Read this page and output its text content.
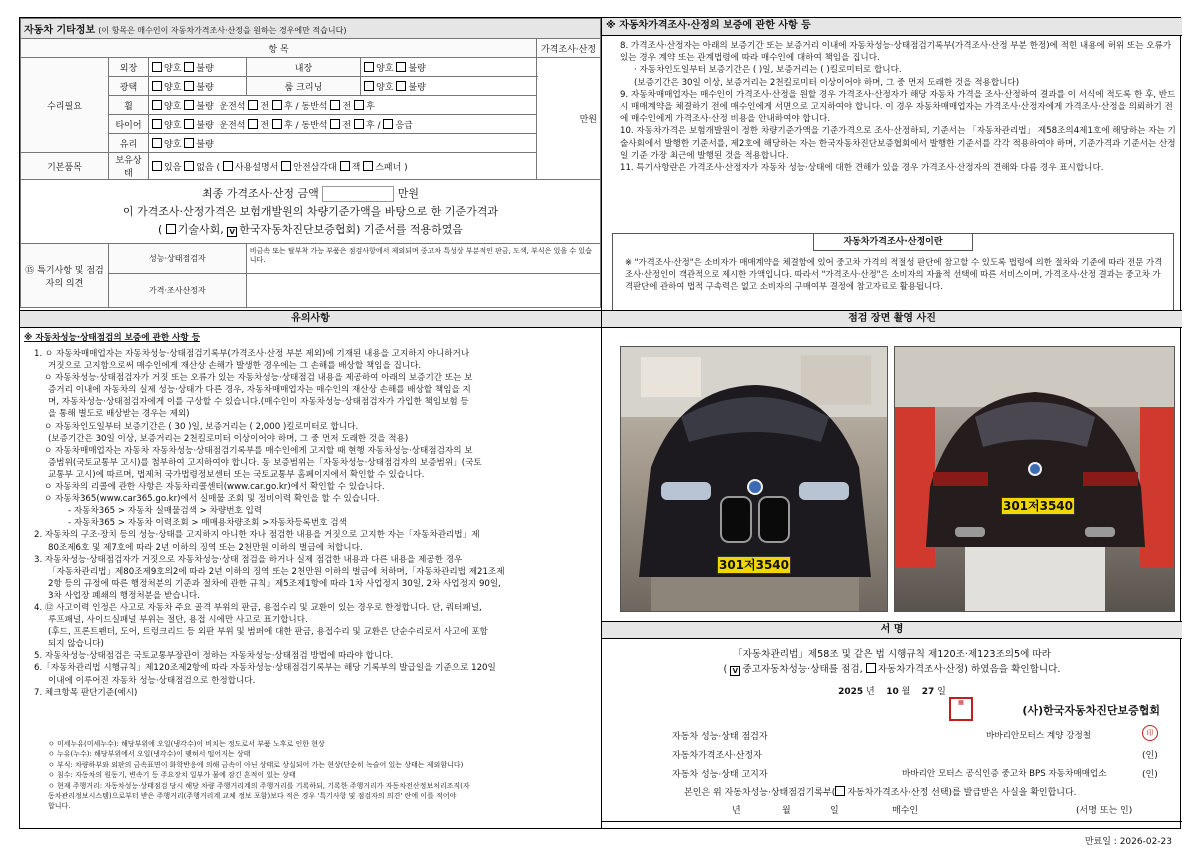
자동차 기타정보 (이 항목은 매수인이 자동차가격조사·산정을 원하는 경우에만 적습니다)					
항 목					가격조사·산정
수리필요	외장	양호 불량	내장	양호 불량	만원
	광택	양호 불량	룸 크리닝	양호 불량	
	휠	양호 불량 운전석 전 후 / 동반석 전 후			
	타이어	양호 불량 운전석 전 후 / 동반석 전 후 / 응급			
	유리	양호 불량			
기본품목	보유상태	있음 없음 ( 사용설명서 안전삼각대 잭 스패너 )			

최종 가격조사·산정 금액 만원
이 가격조사·산정가격은 보험개발원의 차량기준가액을 바탕으로 한 기준가격과
( 기술사회, V 한국자동차진단보증협회) 기준서를 적용하였음

⑮ 특기사항 및 점검자의 의견	성능·상태점검자		비금속 또는 탈부착 가능 부품은 점검사항에서 제외되며 중고차 특성상 부분적인 판금, 도색, 부식은 있을 수 있습니다.		
	가격·조사산정자				
※ 자동차가격조사·산정의 보증에 관한 사항 등
8. 가격조사·산정자는 아래의 보증기간 또는 보증거리 이내에 자동차성능·상태점검기록부(가격조사·산정 부분 한정)에 적힌 내용에 허위 또는 오류가 있는 경우 계약 또는 관계법령에 따라 매수인에 대하여 책임을 집니다.
· 자동차인도일부터 보증기간은 ( )일, 보증거리는 ( )킬로미터로 합니다.
(보증기간은 30일 이상, 보증거리는 2천킬로미터 이상이어야 하며, 그 중 먼저 도래한 것을 적용합니다)
9. 자동차매매업자는 매수인이 가격조사·산정을 원할 경우 가격조사·산정자가 해당 자동차 가격을 조사·산정하여 결과를 이 서식에 적도록 한 후, 반드시 매매계약을 체결하기 전에 매수인에게 서면으로 고지하여야 합니다. 이 경우 자동차매매업자는 가격조사·산정자에게 가격조사·산정을 의뢰하기 전에 매수인에게 가격조사·산정 비용을 안내하여야 합니다.
10. 자동차가격은 보험개발원이 정한 차량기준가액을 기준가격으로 조사·산정하되, 기준서는 「자동차관리법」 제58조의4제1호에 해당하는 자는 기술사회에서 발행한 기준서를, 제2호에 해당하는 자는 한국자동차진단보증협회에서 발행한 기준서를 각각 적용하여야 하며, 기준가격과 기준서는 산정일 기준 가장 최근에 발행된 것을 적용합니다.
11. 특기사항란은 가격조사·산정자가 자동차 성능·상태에 대한 견해가 있을 경우 가격조사·산정자의 견해와 다름 경우 표시합니다.
자동차가격조사·산정이란
※ "가격조사·산정"은 소비자가 매매계약을 체결함에 있어 중고차 가격의 적절성 판단에 참고할 수 있도록 법령에 의한 절차와 기준에 따라 전문 가격조사·산정인이 객관적으로 제시한 가액입니다. 따라서 "가격조사·산정"은 소비자의 자율적 선택에 따른 서비스이며, 가격조사·산정 결과는 중고차 가격판단에 관하여 법적 구속력은 없고 소비자의 구매여부 결정에 참고자료로 활용됩니다.
유의사항
※ 자동차성능·상태점검의 보증에 관한 사항 등
1. ㅇ 자동차매매업자는 자동차성능·상태점검기록부(가격조사·산정 부분 제외)에 기재된 내용을 고지하지 아니하거나
거짓으로 고지함으로써 매수인에게 재산상 손해가 발생한 경우에는 그 손해를 배상할 책임을 집니다.
ㅇ 자동차성능·상태점검자가 거짓 또는 오류가 있는 자동차성능·상태점검 내용을 제공하여 아래의 보증기간 또는 보
증거리 이내에 자동차의 실제 성능·상태가 다른 경우, 자동차매매업자는 매수인의 재산상 손해를 배상할 책임을 지
며, 자동차성능·상태점검자에게 이를 구상할 수 있습니다.(매수인이 자동차성능·상태점검자가 가입한 책임보험 등
을 통해 별도로 배상받는 경우는 제외)
ㅇ 자동차인도일부터 보증기간은 ( 30 )일, 보증거리는 ( 2,000 )킬로미터로 합니다.
(보증기간은 30일 이상, 보증거리는 2천킬로미터 이상이어야 하며, 그 중 먼저 도래한 것을 적용)
ㅇ 자동차매매업자는 자동차 자동차성능·상태점검기록부를 매수인에게 고지할 때 현행 자동차성능·상태점검자의 보
증범위(국토교통부 고시)를 첨부하여 고지하여야 합니다. 동 보증범위는「자동차성능·상태점검자의 보증범위」(국토
교통부 고시)에 따르며, 법제처 국가법령정보센터 또는 국토교통부 홈페이지에서 확인할 수 있습니다.
ㅇ 자동차의 리콜에 관한 사항은 자동차리콜센터(www.car.go.kr)에서 확인할 수 있습니다.
ㅇ 자동차365(www.car365.go.kr)에서 실매물 조회 및 정비이력 확인을 할 수 있습니다.
- 자동차365 > 자동차 실매물검색 > 차량번호 입력
- 자동차365 > 자동차 이력조회 > 매매용차량조회 >자동차등록번호 검색
2. 자동차의 구조·장치 등의 성능·상태를 고지하지 아니한 자나 점검한 내용을 거짓으로 고지한 자는「자동차관리법」제
80조제6호 및 제7호에 따라 2년 이하의 징역 또는 2천만원 이하의 벌금에 처합니다.
3. 자동차성능·상태점검자가 거짓으로 자동차성능·상태 점검을 하거나 실제 점검한 내용과 다른 내용을 제공한 경우
「자동차관리법」제80조제9호의2에 따라 2년 이하의 징역 또는 2천만원 이하의 벌금에 처하며,「자동차관리법 제21조제
2항 등의 규정에 따른 행정처분의 기준과 절차에 관한 규칙」제5조제1항에 따라 1차 사업정지 30일, 2차 사업정지 90일,
3차 사업장 폐쇄의 행정처분을 받습니다.
4. ⑫ 사고이력 인정은 사고로 자동차 주요 골격 부위의 판금, 용접수리 및 교환이 있는 경우로 한정합니다. 단, 쿼터패널,
루프패널, 사이드실패널 부위는 절단, 용접 시에만 사고로 표기합니다.
(후드, 프론트펜더, 도어, 트렁크리드 등 외판 부위 및 범퍼에 대한 판금, 용접수리 및 교환은 단순수리로서 사고에 포함
되지 않습니다)
5. 자동차성능·상태점검은 국토교통부장관이 정하는 자동차성능·상태점검 방법에 따라야 합니다.
6.「자동차관리법 시행규칙」제120조제2항에 따라 자동차성능·상태점검기록부는 해당 기록부의 발급일을 기준으로 120일
이내에 이루어진 자동차 성능·상태점검으로 한정합니다.
7. 체크항목 판단기준(예시)
ㅇ 미세누유(미세누수): 해당부위에 오일(냉각수)이 비치는 정도로서 부품 노후로 인한 현상
ㅇ 누유(누수): 해당부위에서 오일(냉각수)이 맺혀서 떨어지는 상태
ㅇ 부식: 차량하부와 외판의 금속표면이 화학반응에 의해 금속이 아닌 상태로 상실되어 가는 현상(단순히 녹슬어 있는 상태는 제외함니다)
ㅇ 침수: 자동차의 원동기, 변속기 등 주요장치 일부가 물에 잠긴 흔적이 있는 상태
ㅇ 현재 주행거리: 자동차성능·상태점검 당시 해당 차량 주행거리계의 주행거리를 기록하되, 기록한 주행거리가 자동차전산정보처리조직(자
동차관리정보시스템)으로부터 받은 주행거리(주행거리계 교체 정보 포함)보다 적은 경우 '특기사항 및 점검자의 의견' 란에 이를 적어야
합니다.
점검 장면 촬영 사진
301저3540
301저3540
서 명
「자동차관리법」제58조 및 같은 법 시행규칙 제120조·제123조의5에 따라
( V중고자동차성능·상태를 점검, 자동차가격조사·산정) 하였음을 확인합니다.
2025 년 10 월 27 일
(사)한국자동차진단보증협회
▦
자동차 성능·상태 점검자	바바리안모터스 계양 강정철	印
자동차가격조사·산정자	(인)
자동차 성능·상태 고지자	바바리안 모터스 공식인증 중고차 BPS 자동차매매업소	(인)
본인은 위 자동차성능·상태점검기록부( 자동차가격조사·산정 선택)를 발급받은 사실을 확인합니다.
년	월	일	매수인	(서명 또는 인)
만료일 : 2026-02-23
